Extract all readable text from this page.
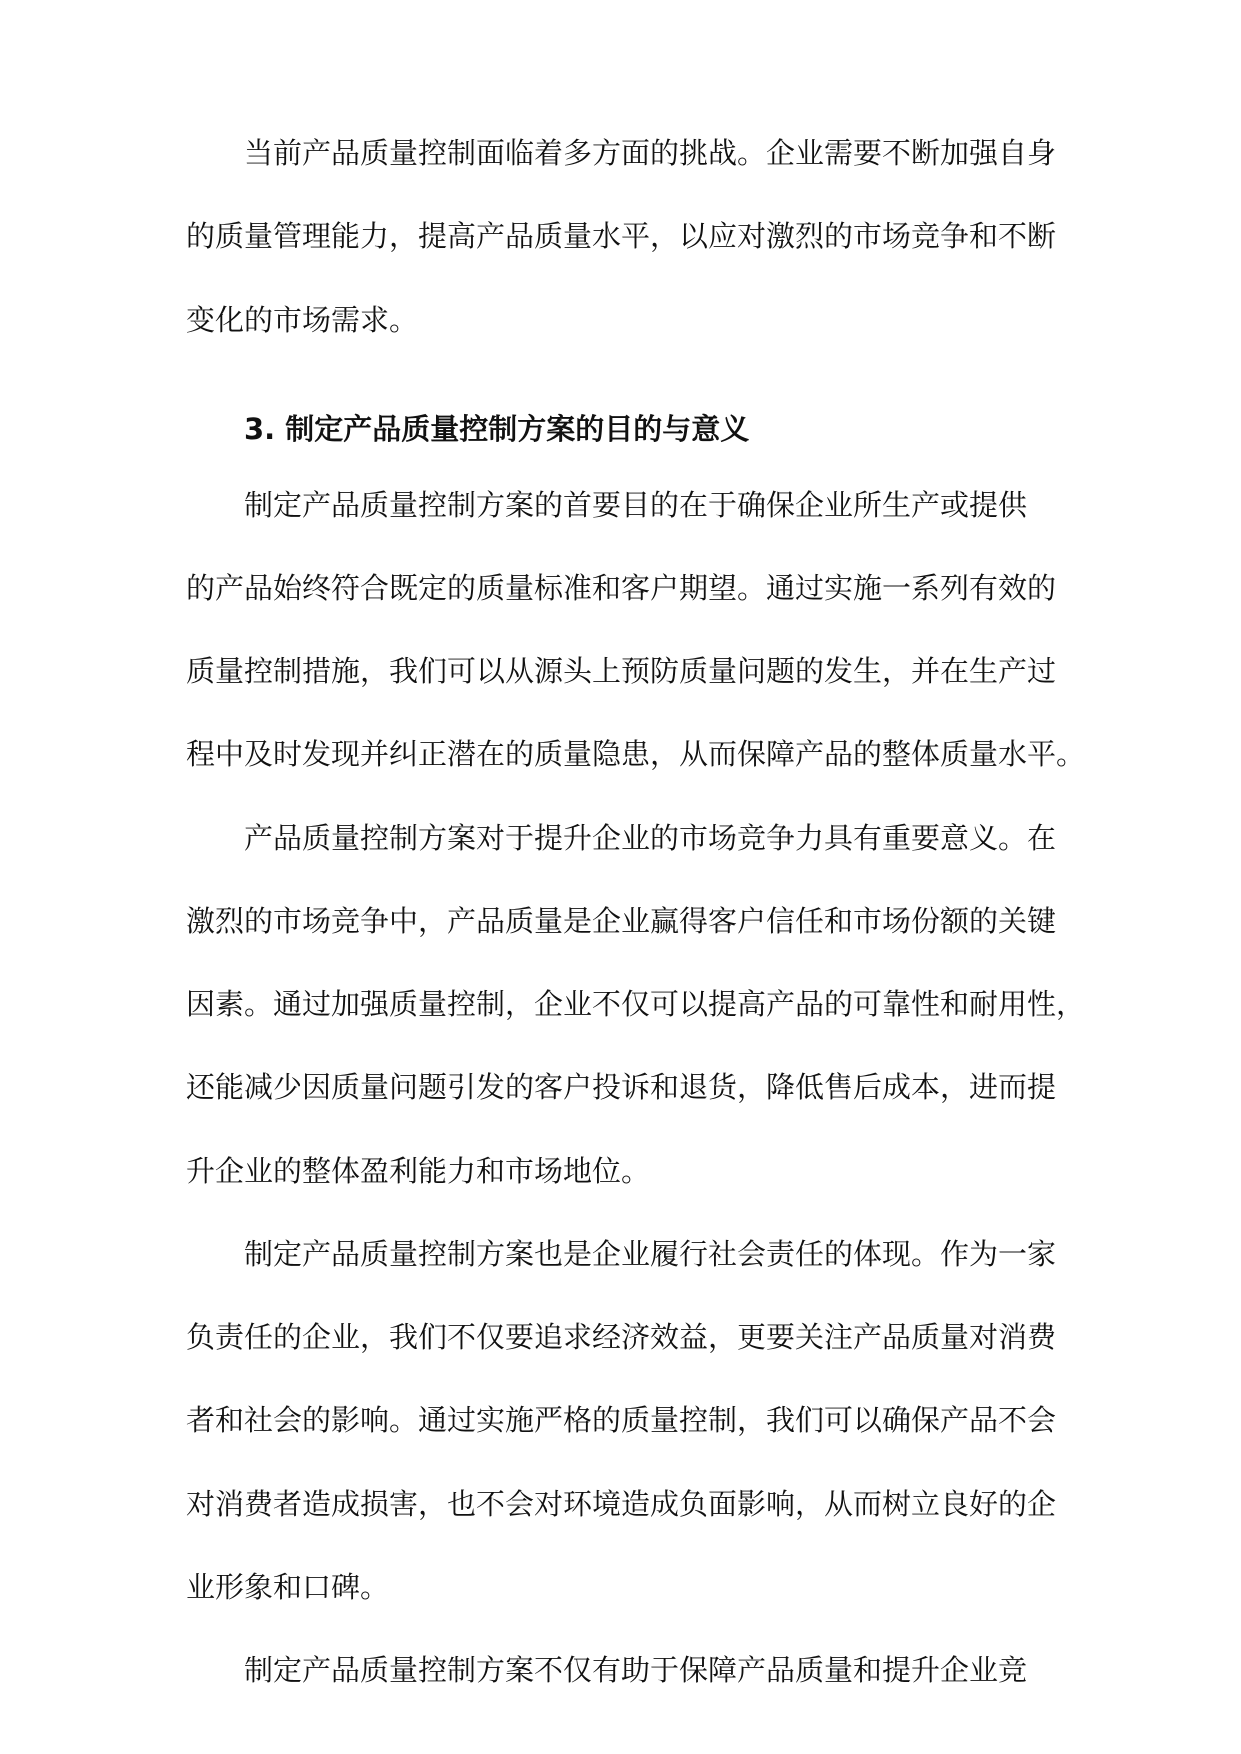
当前产品质量控制面临着多方面的挑战。企业需要不断加强自身
的质量管理能力，提高产品质量水平，以应对激烈的市场竞争和不断
变化的市场需求。
3. 制定产品质量控制方案的目的与意义
制定产品质量控制方案的首要目的在于确保企业所生产或提供
的产品始终符合既定的质量标准和客户期望。通过实施一系列有效的
质量控制措施，我们可以从源头上预防质量问题的发生，并在生产过
程中及时发现并纠正潜在的质量隐患，从而保障产品的整体质量水平。
产品质量控制方案对于提升企业的市场竞争力具有重要意义。在
激烈的市场竞争中，产品质量是企业赢得客户信任和市场份额的关键
因素。通过加强质量控制，企业不仅可以提高产品的可靠性和耐用性，
还能减少因质量问题引发的客户投诉和退货，降低售后成本，进而提
升企业的整体盈利能力和市场地位。
制定产品质量控制方案也是企业履行社会责任的体现。作为一家
负责任的企业，我们不仅要追求经济效益，更要关注产品质量对消费
者和社会的影响。通过实施严格的质量控制，我们可以确保产品不会
对消费者造成损害，也不会对环境造成负面影响，从而树立良好的企
业形象和口碑。
制定产品质量控制方案不仅有助于保障产品质量和提升企业竞
